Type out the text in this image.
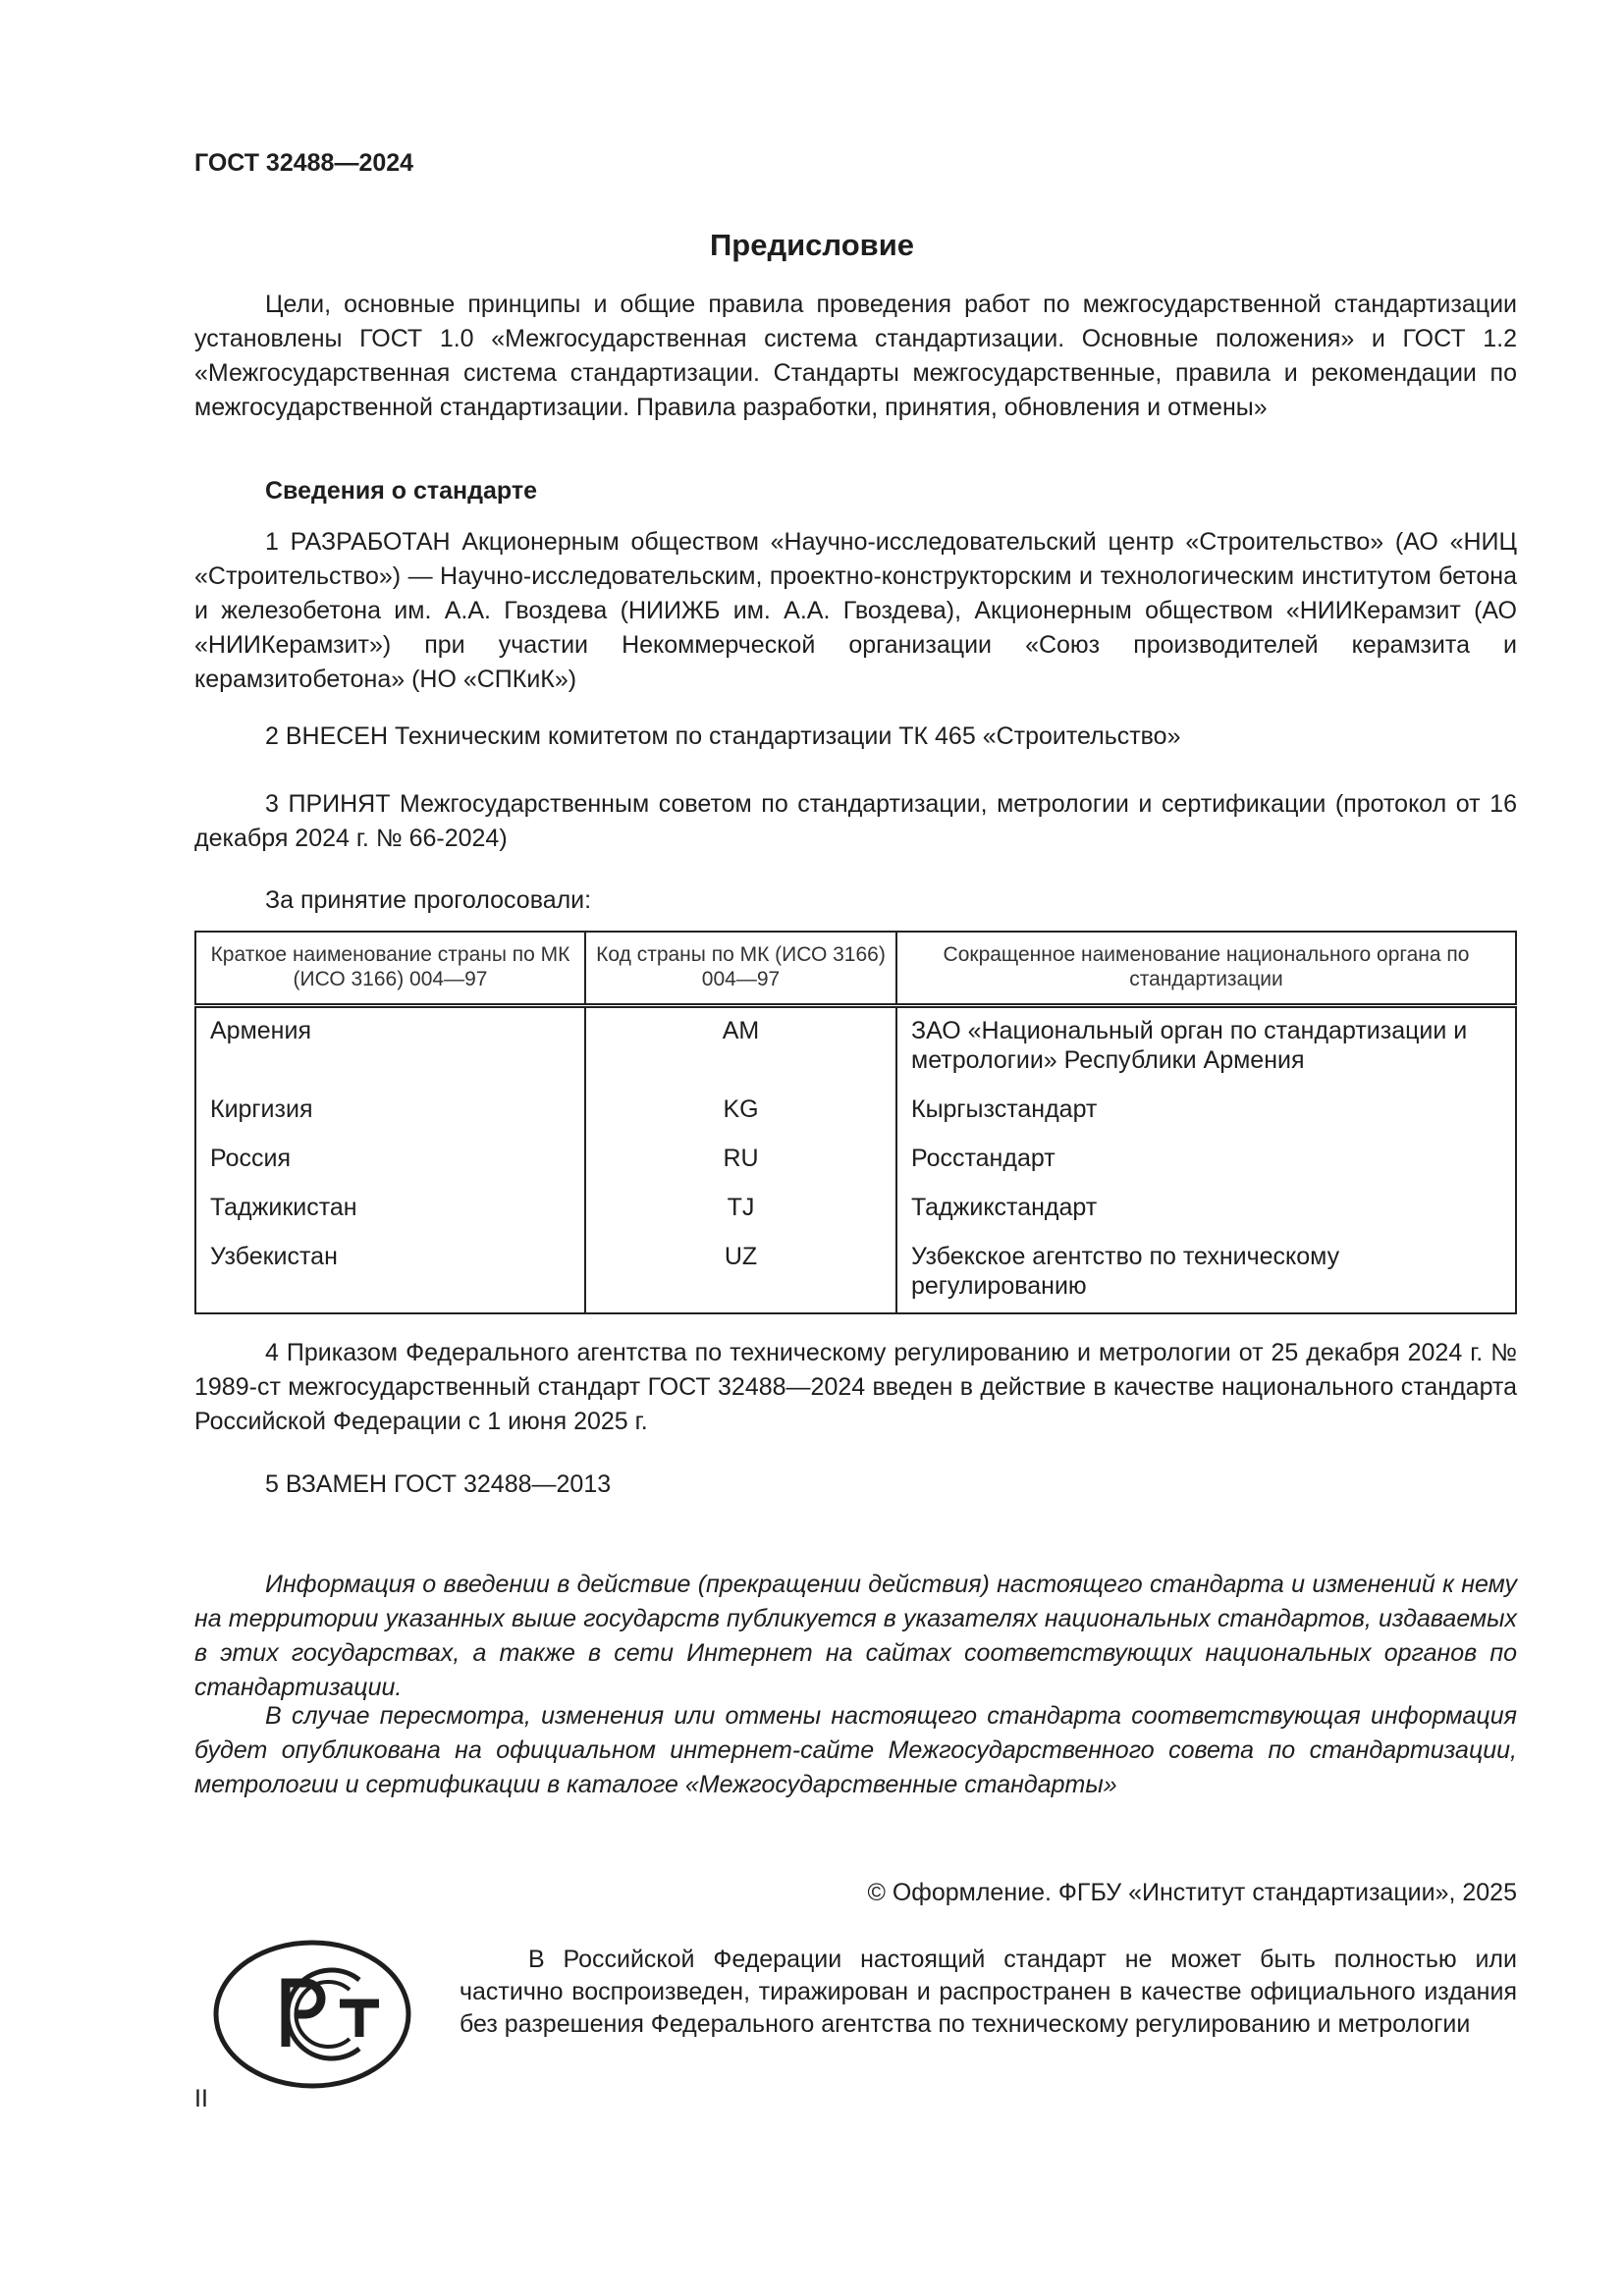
ГОСТ 32488—2024
Предисловие
Цели, основные принципы и общие правила проведения работ по межгосударственной стандартизации установлены ГОСТ 1.0 «Межгосударственная система стандартизации. Основные положения» и ГОСТ 1.2 «Межгосударственная система стандартизации. Стандарты межгосударственные, правила и рекомендации по межгосударственной стандартизации. Правила разработки, принятия, обновления и отмены»
Сведения о стандарте
1 РАЗРАБОТАН Акционерным обществом «Научно-исследовательский центр «Строительство» (АО «НИЦ «Строительство») — Научно-исследовательским, проектно-конструкторским и технологическим институтом бетона и железобетона им. А.А. Гвоздева (НИИЖБ им. А.А. Гвоздева), Акционерным обществом «НИИКерамзит (АО «НИИКерамзит») при участии Некоммерческой организации «Союз производителей керамзита и керамзитобетона» (НО «СПКиК»)
2 ВНЕСЕН Техническим комитетом по стандартизации ТК 465 «Строительство»
3 ПРИНЯТ Межгосударственным советом по стандартизации, метрологии и сертификации (протокол от 16 декабря 2024 г. № 66-2024)
За принятие проголосовали:
Краткое наименование страны по МК (ИСО 3166) 004—97	Код страны по МК (ИСО 3166) 004—97	Сокращенное наименование национального органа по стандартизации
Армения	AM	ЗАО «Национальный орган по стандартизации и метрологии» Республики Армения
Киргизия	KG	Кыргызстандарт
Россия	RU	Росстандарт
Таджикистан	TJ	Таджикстандарт
Узбекистан	UZ	Узбекское агентство по техническому регулированию
4 Приказом Федерального агентства по техническому регулированию и метрологии от 25 декабря 2024 г. № 1989-ст межгосударственный стандарт ГОСТ 32488—2024 введен в действие в качестве национального стандарта Российской Федерации с 1 июня 2025 г.
5 ВЗАМЕН ГОСТ 32488—2013
Информация о введении в действие (прекращении действия) настоящего стандарта и изменений к нему на территории указанных выше государств публикуется в указателях национальных стандартов, издаваемых в этих государствах, а также в сети Интернет на сайтах соответствующих национальных органов по стандартизации.
В случае пересмотра, изменения или отмены настоящего стандарта соответствующая информация будет опубликована на официальном интернет-сайте Межгосударственного совета по стандартизации, метрологии и сертификации в каталоге «Межгосударственные стандарты»
© Оформление. ФГБУ «Институт стандартизации», 2025
В Российской Федерации настоящий стандарт не может быть полностью или частично воспроизведен, тиражирован и распространен в качестве официального издания без разрешения Федерального агентства по техническому регулированию и метрологии
II
